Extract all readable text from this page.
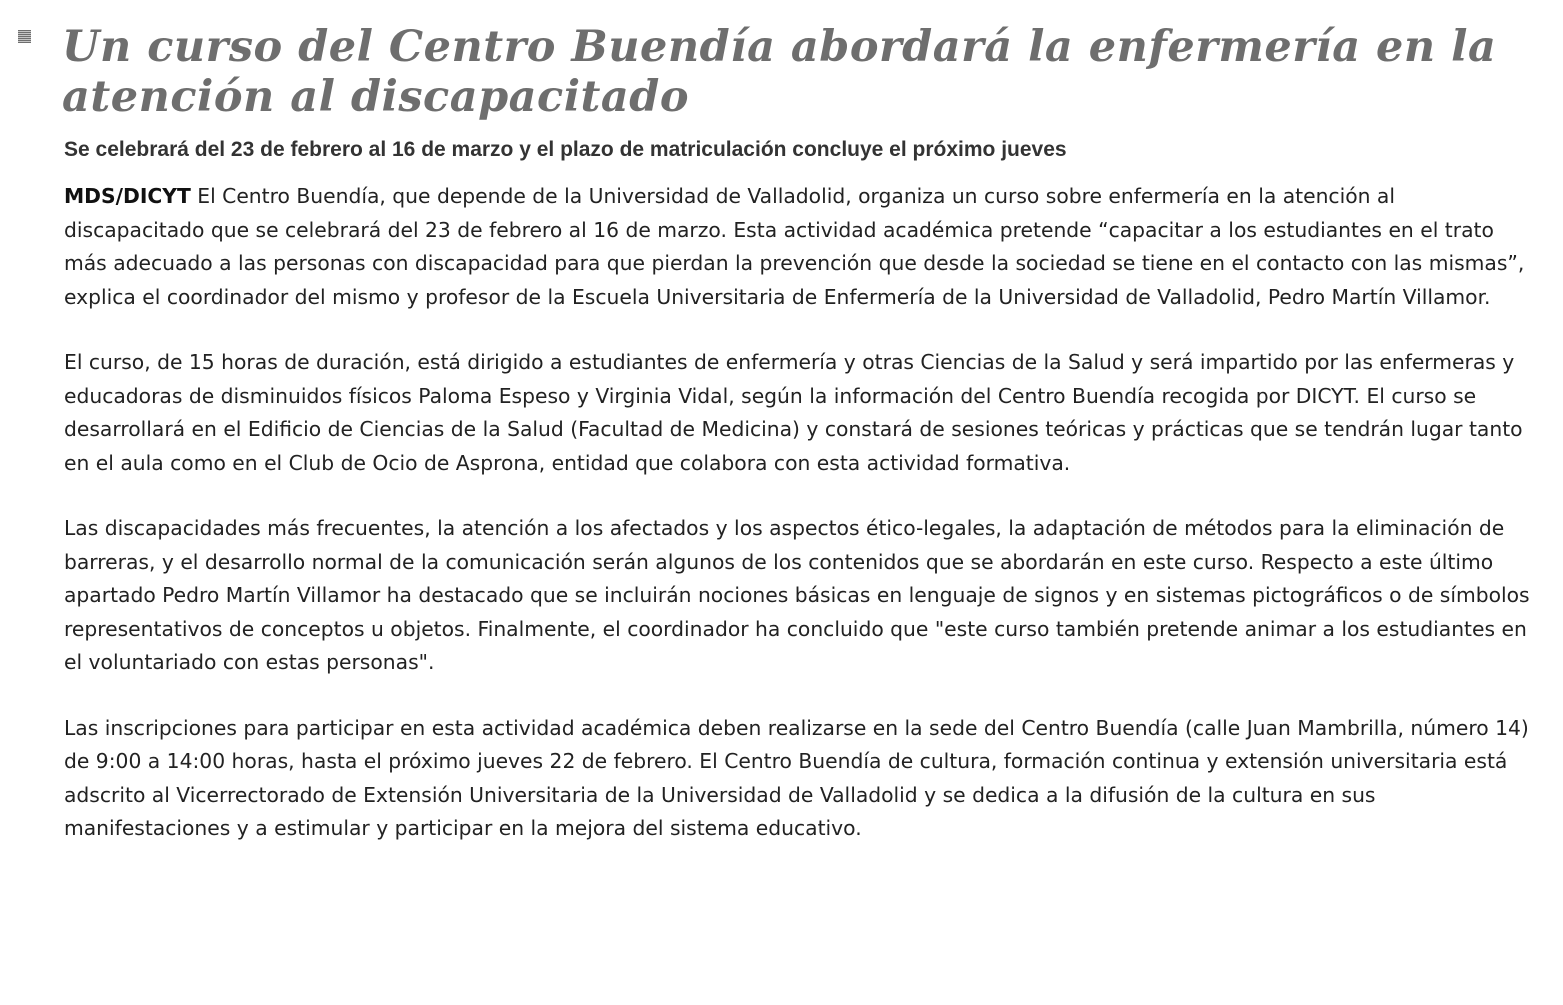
Un curso del Centro Buendía abordará la enfermería en la atención al discapacitado
Se celebrará del 23 de febrero al 16 de marzo y el plazo de matriculación concluye el próximo jueves

MDS/DICYT El Centro Buendía, que depende de la Universidad de Valladolid, organiza un curso sobre enfermería en la atención al discapacitado que se celebrará del 23 de febrero al 16 de marzo. Esta actividad académica pretende “capacitar a los estudiantes en el trato más adecuado a las personas con discapacidad para que pierdan la prevención que desde la sociedad se tiene en el contacto con las mismas”, explica el coordinador del mismo y profesor de la Escuela Universitaria de Enfermería de la Universidad de Valladolid, Pedro Martín Villamor.

El curso, de 15 horas de duración, está dirigido a estudiantes de enfermería y otras Ciencias de la Salud y será impartido por las enfermeras y educadoras de disminuidos físicos Paloma Espeso y Virginia Vidal, según la información del Centro Buendía recogida por DICYT. El curso se desarrollará en el Edificio de Ciencias de la Salud (Facultad de Medicina) y constará de sesiones teóricas y prácticas que se tendrán lugar tanto en el aula como en el Club de Ocio de Asprona, entidad que colabora con esta actividad formativa.

Las discapacidades más frecuentes, la atención a los afectados y los aspectos ético-legales, la adaptación de métodos para la eliminación de barreras, y el desarrollo normal de la comunicación serán algunos de los contenidos que se abordarán en este curso. Respecto a este último apartado Pedro Martín Villamor ha destacado que se incluirán nociones básicas en lenguaje de signos y en sistemas pictográficos o de símbolos representativos de conceptos u objetos. Finalmente, el coordinador ha concluido que "este curso también pretende animar a los estudiantes en el voluntariado con estas personas".

Las inscripciones para participar en esta actividad académica deben realizarse en la sede del Centro Buendía (calle Juan Mambrilla, número 14) de 9:00 a 14:00 horas, hasta el próximo jueves 22 de febrero. El Centro Buendía de cultura, formación continua y extensión universitaria está adscrito al Vicerrectorado de Extensión Universitaria de la Universidad de Valladolid y se dedica a la difusión de la cultura en sus manifestaciones y a estimular y participar en la mejora del sistema educativo.
